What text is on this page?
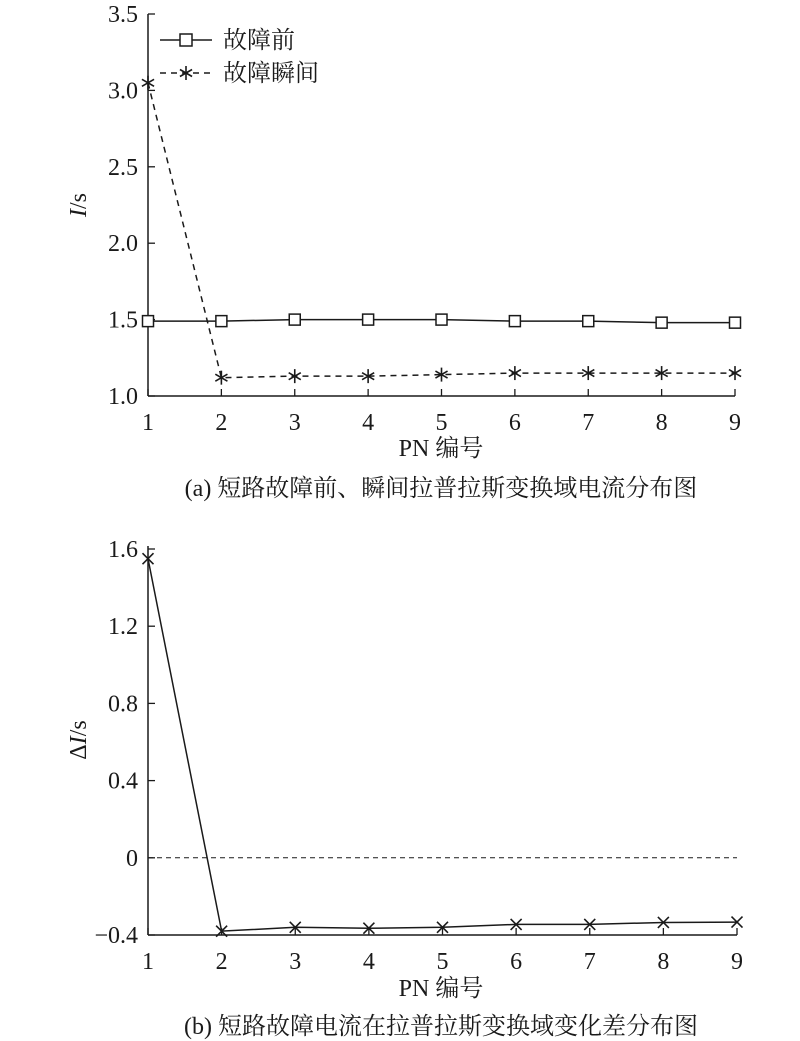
1.0
1.5
2.0
2.5
3.0
3.5
1	2	3	4	5	6	7	8	9
I/s
PN 编号
(a) 短路故障前、瞬间拉普拉斯变换域电流分布图
故障前
故障瞬间
−0.4
0
0.4
0.8
1.2
1.6
1	2	3	4	5	6	7	8	9
ΔI/s
PN 编号
(b) 短路故障电流在拉普拉斯变换域变化差分布图
